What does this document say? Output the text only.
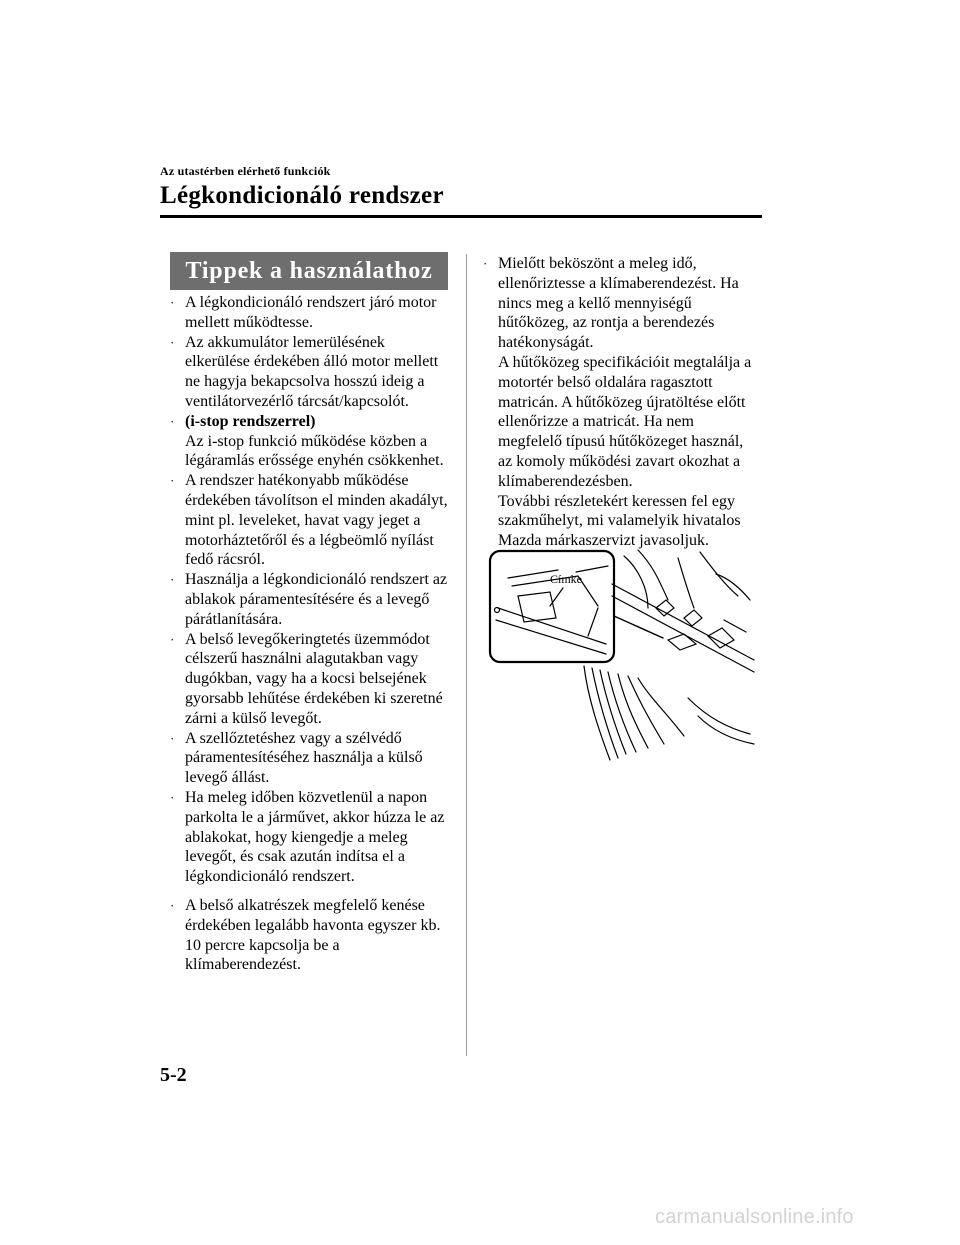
Az utastérben elérhető funkciók
Légkondicionáló rendszer
Tippek a használathoz
· A légkondicionáló rendszert járó motor
mellett működtesse.
· Az akkumulátor lemerülésének
elkerülése érdekében álló motor mellett
ne hagyja bekapcsolva hosszú ideig a
ventilátorvezérlő tárcsát/kapcsolót.
· (i-stop rendszerrel)
Az i-stop funkció működése közben a
légáramlás erőssége enyhén csökkenhet.
· A rendszer hatékonyabb működése
érdekében távolítson el minden akadályt,
mint pl. leveleket, havat vagy jeget a
motorháztetőről és a légbeömlő nyílást
fedő rácsról.
· Használja a légkondicionáló rendszert az
ablakok páramentesítésére és a levegő
párátlanítására.
· A belső levegőkeringtetés üzemmódot
célszerű használni alagutakban vagy
dugókban, vagy ha a kocsi belsejének
gyorsabb lehűtése érdekében ki szeretné
zárni a külső levegőt.
· A szellőztetéshez vagy a szélvédő
páramentesítéséhez használja a külső
levegő állást.
· Ha meleg időben közvetlenül a napon
parkolta le a járművet, akkor húzza le az
ablakokat, hogy kiengedje a meleg
levegőt, és csak azután indítsa el a
légkondicionáló rendszert.
· A belső alkatrészek megfelelő kenése
érdekében legalább havonta egyszer kb.
10 percre kapcsolja be a
klímaberendezést.
· Mielőtt beköszönt a meleg idő,
ellenőriztesse a klímaberendezést. Ha
nincs meg a kellő mennyiségű
hűtőközeg, az rontja a berendezés
hatékonyságát.
A hűtőközeg specifikációit megtalálja a
motortér belső oldalára ragasztott
matricán. A hűtőközeg újratöltése előtt
ellenőrizze a matricát. Ha nem
megfelelő típusú hűtőközeget használ,
az komoly működési zavart okozhat a
klímaberendezésben.
További részletekért keressen fel egy
szakműhelyt, mi valamelyik hivatalos
Mazda márkaszervizt javasoljuk.
Címke
5-2
carmanualsonline.info
